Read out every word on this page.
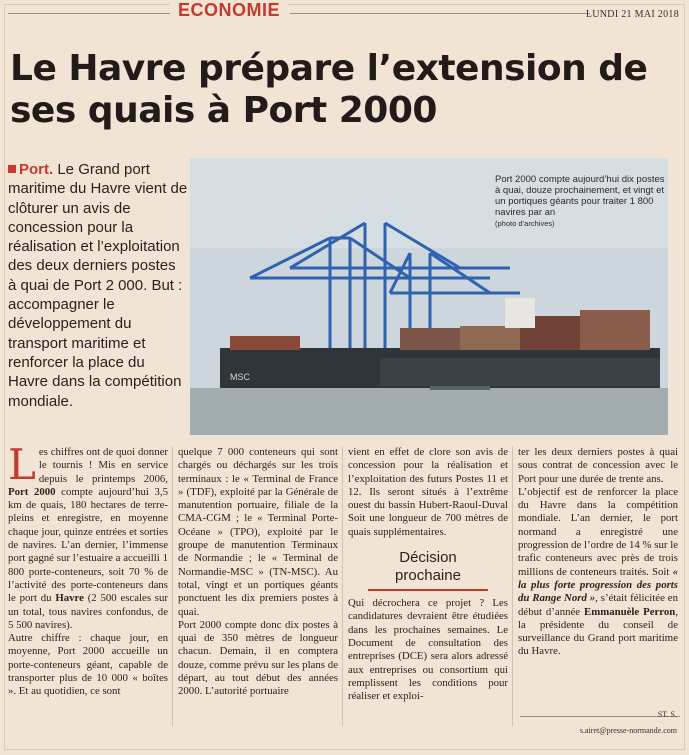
ECONOMIE	LUNDI 21 MAI 2018
Le Havre prépare l’extension de ses quais à Port 2000
Port. Le Grand port maritime du Havre vient de clôturer un avis de concession pour la réalisation et l’exploitation des deux derniers postes à quai de Port 2 000. But : accompagner le développement du transport maritime et renforcer la place du Havre dans la compétition mondiale.
MSC
Port 2000 compte aujourd’hui dix postes à quai, douze prochainement, et vingt et un portiques géants pour traiter 1 800 navires par an
(photo d’archives)

Les chiffres ont de quoi donner le tournis ! Mis en service depuis le printemps 2006, Port 2000 compte aujourd’hui 3,5 km de quais, 180 hectares de terre-pleins et enregistre, en moyenne chaque jour, quinze entrées et sorties de navires. L’an dernier, l’immense port gagné sur l’estuaire a accueilli 1 800 porte-conteneurs, soit 70 % de l’activité des porte-conteneurs dans le port du Havre (2 500 escales sur un total, tous navires confondus, de 5 500 navires).

Autre chiffre : chaque jour, en moyenne, Port 2000 accueille un porte-conteneurs géant, capable de transporter plus de 10 000 « boîtes ». Et au quotidien, ce sont

quelque 7 000 conteneurs qui sont chargés ou déchargés sur les trois terminaux : le « Terminal de France » (TDF), exploité par la Générale de manutention portuaire, filiale de la CMA-CGM ; le « Terminal Porte-Océane » (TPO), exploité par le groupe de manutention Terminaux de Normandie ; le « Terminal de Normandie-MSC » (TN-MSC). Au total, vingt et un portiques géants ponctuent les dix premiers postes à quai.

Port 2000 compte donc dix postes à quai de 350 mètres de longueur chacun. Demain, il en comptera douze, comme prévu sur les plans de départ, au tout début des années 2000. L’autorité portuaire

vient en effet de clore son avis de concession pour la réalisation et l’exploitation des futurs Postes 11 et 12. Ils seront situés à l’extrême ouest du bassin Hubert-Raoul-Duval Soit une longueur de 700 mètres de quais supplémentaires.

Décision
prochaine

Qui décrochera ce projet ? Les candidatures devraient être étudiées dans les prochaines semaines. Le Document de consultation des entreprises (DCE) sera alors adressé aux entreprises ou consortium qui remplissent les conditions pour réaliser et exploi-

ter les deux derniers postes à quai sous contrat de concession avec le Port pour une durée de trente ans.

L’objectif est de renforcer la place du Havre dans la compétition mondiale. L’an dernier, le port normand a enregistré une progression de l’ordre de 14 % sur le trafic conteneurs avec près de trois millions de conteneurs traités. Soit « la plus forte progression des ports du Range Nord », s’était félicitée en début d’année Emmanuèle Perron, la présidente du conseil de surveillance du Grand port maritime du Havre.

ST. S.
s.airet@presse-normande.com
